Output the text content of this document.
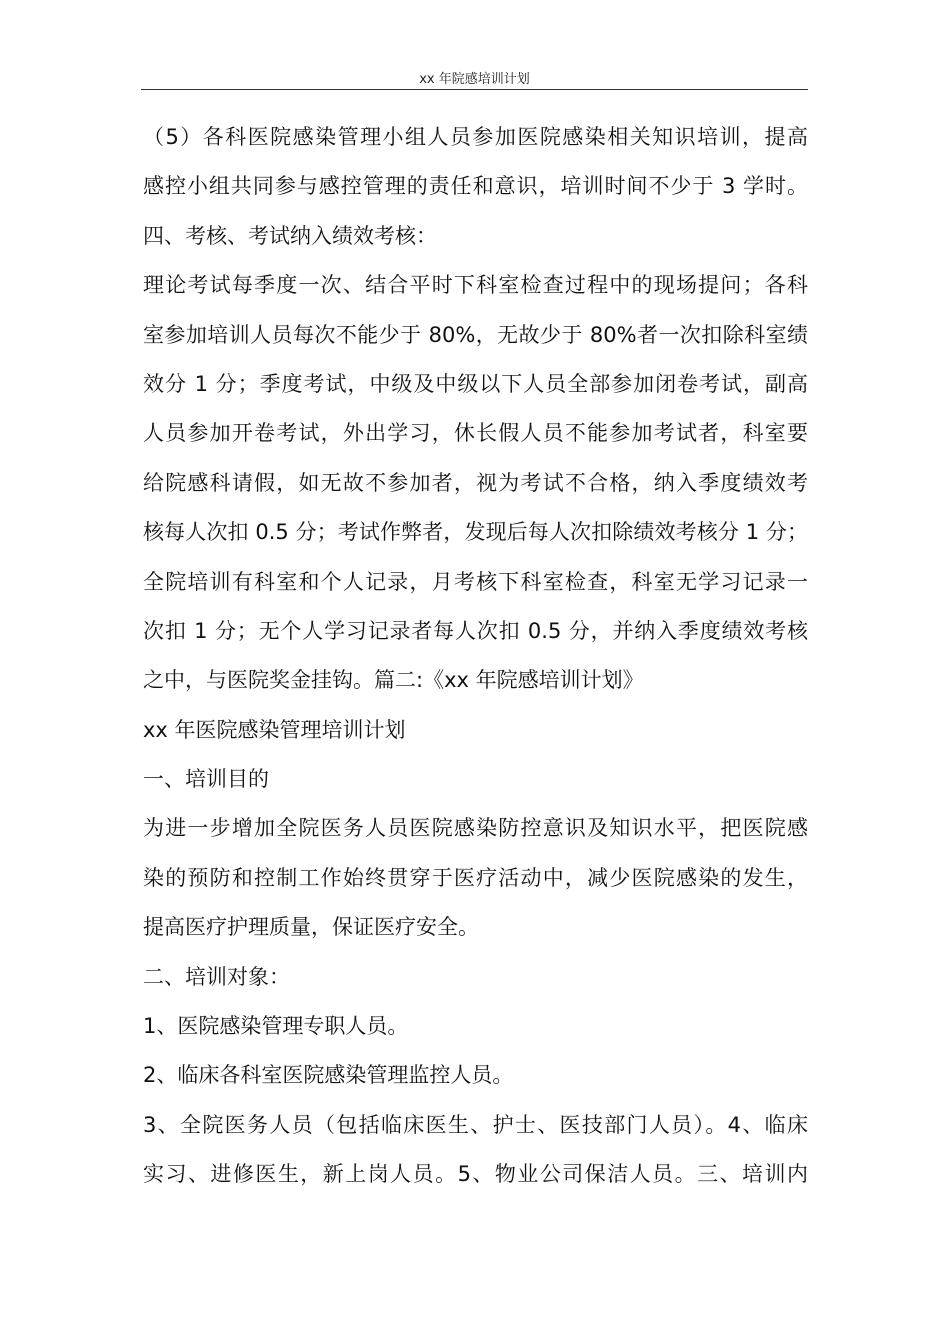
xx 年院感培训计划
（5）各科医院感染管理小组人员参加医院感染相关知识培训，提高
感控小组共同参与感控管理的责任和意识，培训时间不少于 3 学时。
四、考核、考试纳入绩效考核：
理论考试每季度一次、结合平时下科室检查过程中的现场提问；各科
室参加培训人员每次不能少于 80%，无故少于 80%者一次扣除科室绩
效分 1 分；季度考试，中级及中级以下人员全部参加闭卷考试，副高
人员参加开卷考试，外出学习，休长假人员不能参加考试者，科室要
给院感科请假，如无故不参加者，视为考试不合格，纳入季度绩效考
核每人次扣 0.5 分；考试作弊者，发现后每人次扣除绩效考核分 1 分；
全院培训有科室和个人记录，月考核下科室检查，科室无学习记录一
次扣 1 分；无个人学习记录者每人次扣 0.5 分，并纳入季度绩效考核
之中，与医院奖金挂钩。篇二:《xx 年院感培训计划》
xx 年医院感染管理培训计划
一、培训目的
为进一步增加全院医务人员医院感染防控意识及知识水平，把医院感
染的预防和控制工作始终贯穿于医疗活动中，减少医院感染的发生，
提高医疗护理质量，保证医疗安全。
二、培训对象：
1、医院感染管理专职人员。
2、临床各科室医院感染管理监控人员。
3、全院医务人员（包括临床医生、护士、医技部门人员）。4、临床
实习、进修医生，新上岗人员。5、物业公司保洁人员。三、培训内
